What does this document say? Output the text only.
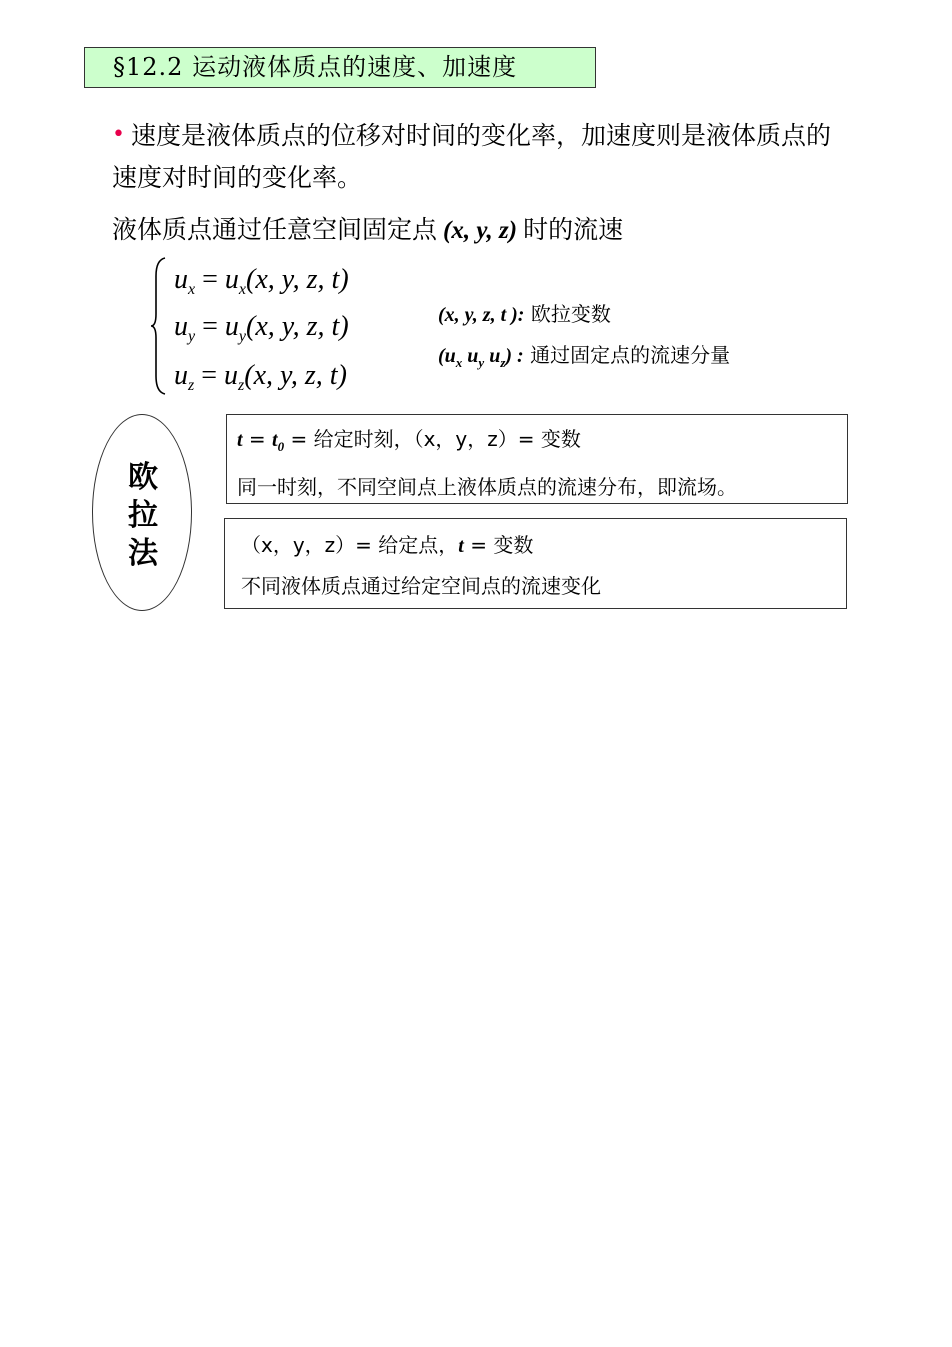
§12.2 运动液体质点的速度、加速度
• 速度是液体质点的位移对时间的变化率，加速度则是液体质点的速度对时间的变化率。
液体质点通过任意空间固定点 (x, y, z) 时的流速
$u_x = u_x(x$, y, z, t)
$u_y = u_y(x$, y, z, t)
$u_z = u_z(x$, y, z, t)
(x, y, z, t ): 欧拉变数
($u_x$ $u_y$ $u_z$) : 通过固定点的流速分量
欧
拉
法
$t = t_0$ = 给定时刻，（x，y，z）= 变数
同一时刻，不同空间点上液体质点的流速分布，即流场。
（x，y，z）= 给定点，t = 变数
不同液体质点通过给定空间点的流速变化
